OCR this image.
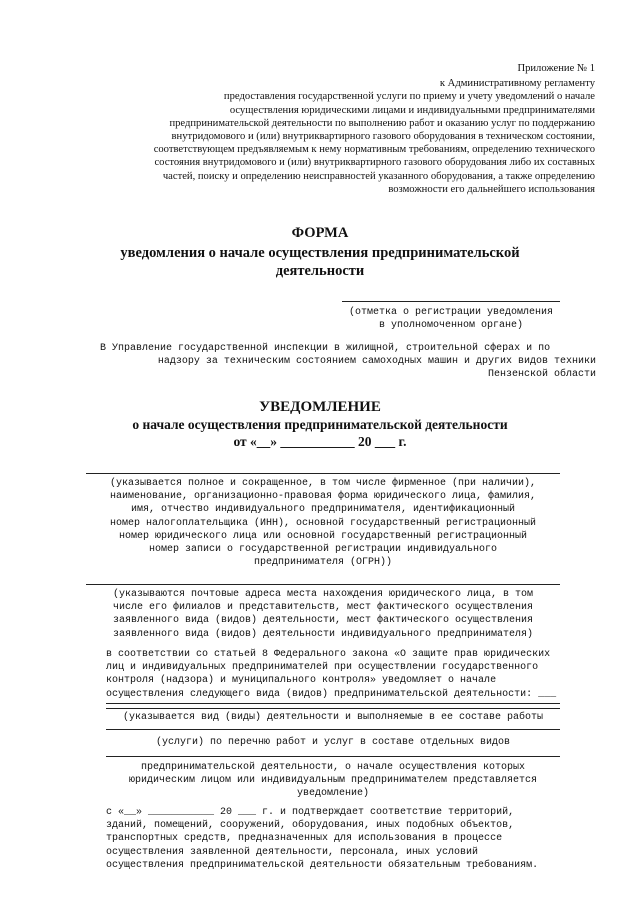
Приложение № 1
к Административному регламенту
предоставления государственной услуги по приему и учету уведомлений о начале
осуществления юридическими лицами и индивидуальными предпринимателями
предпринимательской деятельности по выполнению работ и оказанию услуг по поддержанию
внутридомового и (или) внутриквартирного газового оборудования в техническом состоянии,
соответствующем предъявляемым к нему нормативным требованиям, определению технического
состояния внутридомового и (или) внутриквартирного газового оборудования либо их составных
частей, поиску и определению неисправностей указанного оборудования, а также определению
возможности его дальнейшего использования
ФОРМА
уведомления о начале осуществления предпринимательской
деятельности
(отметка о регистрации уведомления
в уполномоченном органе)
В Управление государственной инспекции в жилищной, строительной сферах и по
надзору за техническим состоянием самоходных машин и других видов техники
Пензенской области
УВЕДОМЛЕНИЕ
о начале осуществления предпринимательской деятельности
от «__» ___________ 20 ___ г.
(указывается полное и сокращенное, в том числе фирменное (при наличии),
наименование, организационно-правовая форма юридического лица, фамилия,
имя, отчество индивидуального предпринимателя, идентификационный
номер налогоплательщика (ИНН), основной государственный регистрационный
номер юридического лица или основной государственный регистрационный
номер записи о государственной регистрации индивидуального
предпринимателя (ОГРН))
(указываются почтовые адреса места нахождения юридического лица, в том
числе его филиалов и представительств, мест фактического осуществления
заявленного вида (видов) деятельности, мест фактического осуществления
заявленного вида (видов) деятельности индивидуального предпринимателя)
в соответствии со статьей 8 Федерального закона «О защите прав юридических
лиц и индивидуальных предпринимателей при осуществлении государственного
контроля (надзора) и муниципального контроля» уведомляет о начале
осуществления следующего вида (видов) предпринимательской деятельности: ___
(указывается вид (виды) деятельности и выполняемые в ее составе работы
(услуги) по перечню работ и услуг в составе отдельных видов
предпринимательской деятельности, о начале осуществления которых
юридическим лицом или индивидуальным предпринимателем представляется
уведомление)
с «__» ___________ 20 ___ г. и подтверждает соответствие территорий,
зданий, помещений, сооружений, оборудования, иных подобных объектов,
транспортных средств, предназначенных для использования в процессе
осуществления заявленной деятельности, персонала, иных условий
осуществления предпринимательской деятельности обязательным требованиям.
